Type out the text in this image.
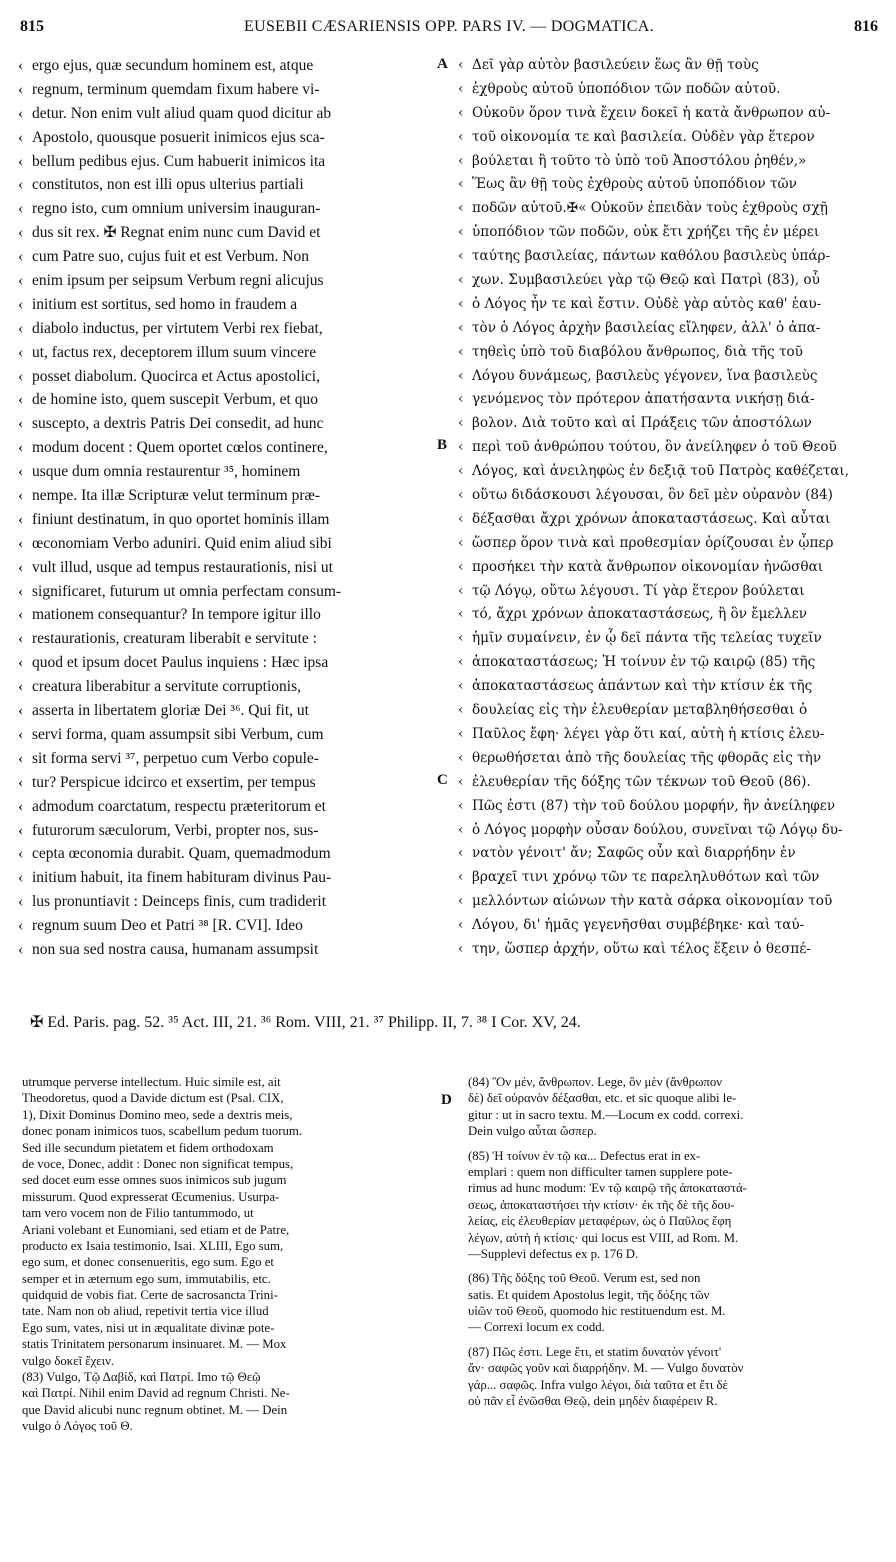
815	EUSEBII CÆSARIENSIS OPP. PARS IV. — DOGMATICA.	816
‹ ergo ejus, quæ secundum hominem est, atque
‹ regnum, terminum quemdam fixum habere vi-
‹ detur. Non enim vult aliud quam quod dicitur ab
‹ Apostolo, quousque posuerit inimicos ejus sca-
‹ bellum pedibus ejus. Cum habuerit inimicos ita
‹ constitutos, non est illi opus ulterius partiali
‹ regno isto, cum omnium universim inauguran-
‹ dus sit rex. ✠ Regnat enim nunc cum David et
‹ cum Patre suo, cujus fuit et est Verbum. Non
‹ enim ipsum per seipsum Verbum regni alicujus
‹ initium est sortitus, sed homo in fraudem a
‹ diabolo inductus, per virtutem Verbi rex fiebat,
‹ ut, factus rex, deceptorem illum suum vincere
‹ posset diabolum. Quocirca et Actus apostolici,
‹ de homine isto, quem suscepit Verbum, et quo
‹ suscepto, a dextris Patris Dei consedit, ad hunc
‹ modum docent : Quem oportet cœlos continere,
‹ usque dum omnia restaurentur ³⁵, hominem
‹ nempe. Ita illæ Scripturæ velut terminum præ-
‹ finiunt destinatum, in quo oportet hominis illam
‹ œconomiam Verbo aduniri. Quid enim aliud sibi
‹ vult illud, usque ad tempus restaurationis, nisi ut
‹ significaret, futurum ut omnia perfectam consum-
‹ mationem consequantur? In tempore igitur illo
‹ restaurationis, creaturam liberabit e servitute :
‹ quod et ipsum docet Paulus inquiens : Hæc ipsa
‹ creatura liberabitur a servitute corruptionis,
‹ asserta in libertatem gloriæ Dei ³⁶. Qui fit, ut
‹ servi forma, quam assumpsit sibi Verbum, cum
‹ sit forma servi ³⁷, perpetuo cum Verbo copule-
‹ tur? Perspicue idcirco et exsertim, per tempus
‹ admodum coarctatum, respectu præteritorum et
‹ futurorum sæculorum, Verbi, propter nos, sus-
‹ cepta œconomia durabit. Quam, quemadmodum
‹ initium habuit, ita finem habituram divinus Pau-
‹ lus pronuntiavit : Deinceps finis, cum tradiderit
‹ regnum suum Deo et Patri ³⁸ [R. CVI]. Ideo
‹ non sua sed nostra causa, humanam assumpsit
‹ Δεῖ γὰρ αὐτὸν βασιλεύειν ἕως ἂν θῇ τοὺς
‹ ἐχθροὺς αὐτοῦ ὑποπόδιον τῶν ποδῶν αὐτοῦ.
‹ Οὐκοῦν ὅρον τινὰ ἔχειν δοκεῖ ἡ κατὰ ἄνθρωπον αὐ-
‹ τοῦ οἰκονομία τε καὶ βασιλεία. Οὐδὲν γὰρ ἕτερον
‹ βούλεται ἢ τοῦτο τὸ ὑπὸ τοῦ Ἀποστόλου ῥηθέν,»
‹ Ἕως ἂν θῇ τοὺς ἐχθροὺς αὐτοῦ ὑποπόδιον τῶν
‹ ποδῶν αὐτοῦ.✠« Οὐκοῦν ἐπειδὰν τοὺς ἐχθροὺς σχῇ
‹ ὑποπόδιον τῶν ποδῶν, οὐκ ἔτι χρήζει τῆς ἐν μέρει
‹ ταύτης βασιλείας, πάντων καθόλου βασιλεὺς ὑπάρ-
‹ χων. Συμβασιλεύει γὰρ τῷ Θεῷ καὶ Πατρὶ (83), οὗ
‹ ὁ Λόγος ἦν τε καὶ ἔστιν. Οὐδὲ γὰρ αὐτὸς καθ' ἑαυ-
‹ τὸν ὁ Λόγος ἀρχὴν βασιλείας εἴληφεν, ἀλλ' ὁ ἀπα-
‹ τηθεὶς ὑπὸ τοῦ διαβόλου ἄνθρωπος, διὰ τῆς τοῦ
‹ Λόγου δυνάμεως, βασιλεὺς γέγονεν, ἵνα βασιλεὺς
‹ γενόμενος τὸν πρότερον ἀπατήσαντα νικήσῃ διά-
‹ βολον. Διὰ τοῦτο καὶ αἱ Πράξεις τῶν ἀποστόλων
‹ περὶ τοῦ ἀνθρώπου τούτου, ὃν ἀνείληφεν ὁ τοῦ Θεοῦ
‹ Λόγος, καὶ ἀνειληφὼς ἐν δεξιᾷ τοῦ Πατρὸς καθέζεται,
‹ οὕτω διδάσκουσι λέγουσαι, ὃν δεῖ μὲν οὐρανὸν (84)
‹ δέξασθαι ἄχρι χρόνων ἀποκαταστάσεως. Καὶ αὗται
‹ ὥσπερ ὅρον τινὰ καὶ προθεσμίαν ὁρίζουσαι ἐν ᾧπερ
‹ προσήκει τὴν κατὰ ἄνθρωπον οἰκονομίαν ἡνῶσθαι
‹ τῷ Λόγῳ, οὕτω λέγουσι. Τί γὰρ ἕτερον βούλεται
‹ τό, ἄχρι χρόνων ἀποκαταστάσεως, ἢ ὃν ἔμελλεν
‹ ἡμῖν συμαίνειν, ἐν ᾧ δεῖ πάντα τῆς τελείας τυχεῖν
‹ ἀποκαταστάσεως; Ἡ τοίνυν ἐν τῷ καιρῷ (85) τῆς
‹ ἀποκαταστάσεως ἁπάντων καὶ τὴν κτίσιν ἐκ τῆς
‹ δουλείας εἰς τὴν ἐλευθερίαν μεταβληθήσεσθαι ὁ
‹ Παῦλος ἔφη· λέγει γὰρ ὅτι καί, αὐτὴ ἡ κτίσις ἐλευ-
‹ θερωθήσεται ἀπὸ τῆς δουλείας τῆς φθορᾶς εἰς τὴν
‹ ἐλευθερίαν τῆς δόξης τῶν τέκνων τοῦ Θεοῦ (86).
‹ Πῶς ἐστι (87) τὴν τοῦ δούλου μορφήν, ἣν ἀνείληφεν
‹ ὁ Λόγος μορφὴν οὖσαν δούλου, συνεῖναι τῷ Λόγῳ δυ-
‹ νατὸν γένοιτ' ἄν; Σαφῶς οὖν καὶ διαρρήδην ἐν
‹ βραχεῖ τινι χρόνῳ τῶν τε παρεληλυθότων καὶ τῶν
‹ μελλόντων αἰώνων τὴν κατὰ σάρκα οἰκονομίαν τοῦ
‹ Λόγου, δι' ἡμᾶς γεγενῆσθαι συμβέβηκε· καὶ ταύ-
‹ την, ὥσπερ ἀρχήν, οὕτω καὶ τέλος ἕξειν ὁ θεσπέ-
A
B
C
D
✠ Ed. Paris. pag. 52. ³⁵ Act. III, 21. ³⁶ Rom. VIII, 21. ³⁷ Philipp. II, 7. ³⁸ I Cor. XV, 24.
utrumque perverse intellectum. Huic simile est, ait
Theodoretus, quod a Davide dictum est (Psal. CIX,
1), Dixit Dominus Domino meo, sede a dextris meis,
donec ponam inimicos tuos, scabellum pedum tuorum.
Sed ille secundum pietatem et fidem orthodoxam
de voce, Donec, addit : Donec non significat tempus,
sed docet eum esse omnes suos inimicos sub jugum
missurum. Quod expresserat Œcumenius. Usurpa-
tam vero vocem non de Filio tantummodo, ut
Ariani volebant et Eunomiani, sed etiam et de Patre,
producto ex Isaia testimonio, Isai. XLIII, Ego sum,
ego sum, et donec consenueritis, ego sum. Ego et
semper et in æternum ego sum, immutabilis, etc.
quidquid de vobis fiat. Certe de sacrosancta Trini-
tate. Nam non ob aliud, repetivit tertia vice illud
Ego sum, vates, nisi ut in æqualitate divinæ pote-
statis Trinitatem personarum insinuaret. M. — Mox
vulgo δοκεῖ ἔχειν.
(83) Vulgo, Τῷ Δαβίδ, καὶ Πατρί. Imo τῷ Θεῷ
καὶ Πατρί. Nihil enim David ad regnum Christi. Ne-
que David alicubi nunc regnum obtinet. M. — Dein
vulgo ὁ Λόγος τοῦ Θ.
(84) Ὃν μέν, ἄνθρωπον. Lege, ὃν μὲν (ἄνθρωπον
δὲ) δεῖ οὐρανὸν δέξασθαι, etc. et sic quoque alibi le-
gitur : ut in sacro textu. M.—Locum ex codd. correxi.
Dein vulgo αὗται ὥσπερ.
(85) Ἡ τοίνυν ἐν τῷ κα... Defectus erat in ex-
emplari : quem non difficulter tamen supplere pote-
rimus ad hunc modum: Ἐν τῷ καιρῷ τῆς ἀποκαταστά-
σεως, ἀποκαταστήσει τὴν κτίσιν· ἐκ τῆς δὲ τῆς δου-
λείας, εἰς ἐλευθερίαν μεταφέρων, ὡς ὁ Παῦλος ἔφη
λέγων, αὐτὴ ἡ κτίσις· qui locus est VIII, ad Rom. M.
—Supplevi defectus ex p. 176 D.
(86) Τῆς δόξης τοῦ Θεοῦ. Verum est, sed non
satis. Et quidem Apostolus legit, τῆς δόξης τῶν
υἱῶν τοῦ Θεοῦ, quomodo hic restituendum est. M.
— Correxi locum ex codd.
(87) Πῶς ἐστι. Lege ἔτι, et statim δυνατὸν γένοιτ'
ἄν· σαφῶς γοῦν καὶ διαρρήδην. M. — Vulgo δυνατὸν
γάρ... σαφῶς. Infra vulgo λέγοι, διὰ ταῦτα et ἔτι δὲ
οὐ πᾶν εἶ ἐνῶσθαι Θεῷ, dein μηδὲν διαφέρειν R.
